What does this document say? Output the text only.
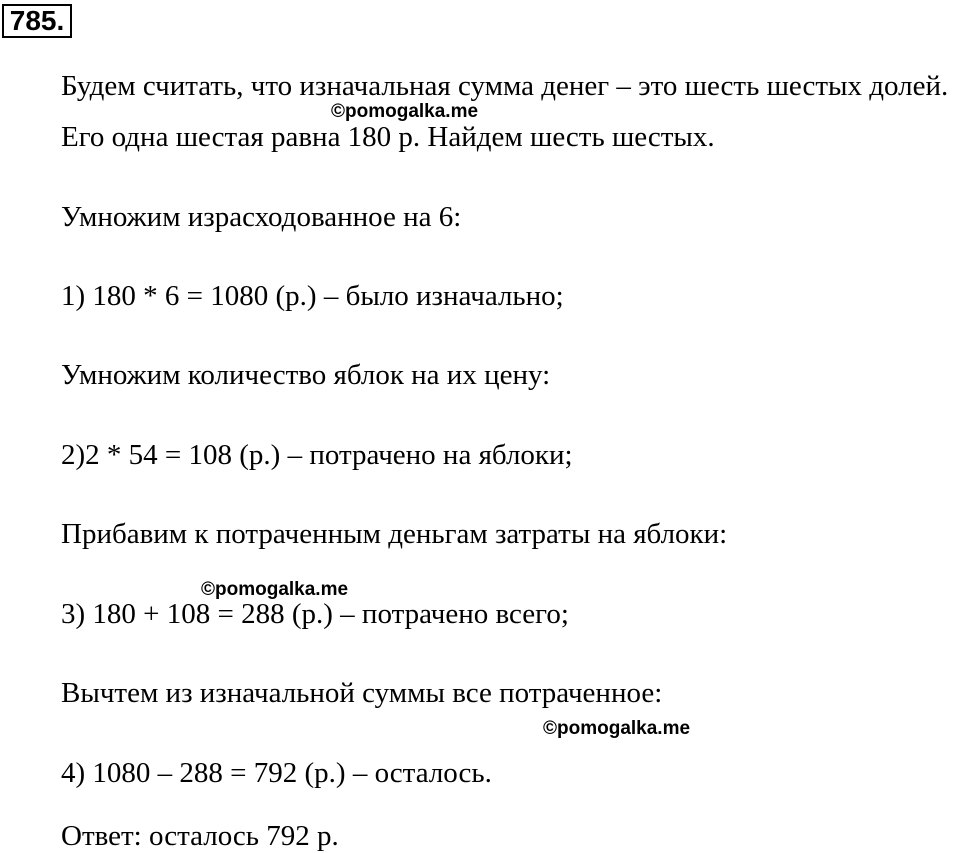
785.
Будем считать, что изначальная сумма денег – это шесть шестых долей.
Его одна шестая равна 180 р. Найдем шесть шестых.
Умножим израсходованное на 6:
1) 180 * 6 = 1080 (р.) – было изначально;
Умножим количество яблок на их цену:
2)2 * 54 = 108 (р.) – потрачено на яблоки;
Прибавим к потраченным деньгам затраты на яблоки:
3) 180 + 108 = 288 (р.) – потрачено всего;
Вычтем из изначальной суммы все потраченное:
4) 1080 – 288 = 792 (р.) – осталось.
Ответ: осталось 792 р.
©pomogalka.me
©pomogalka.me
©pomogalka.me
